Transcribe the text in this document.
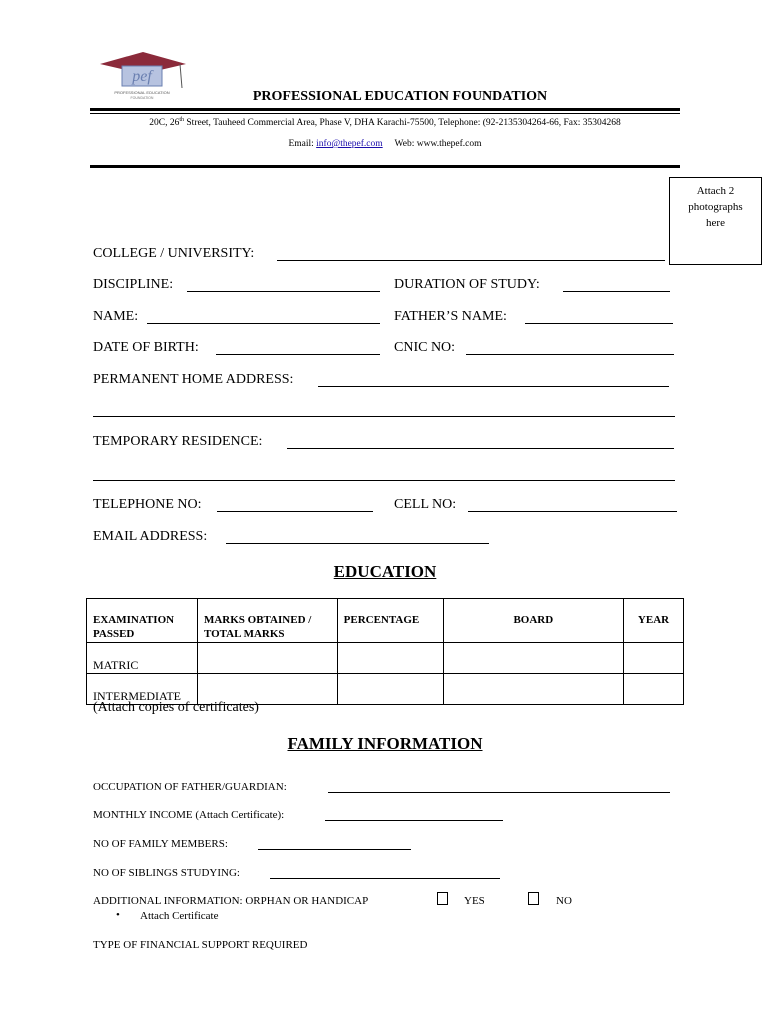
pef
PROFESSIONAL EDUCATION
FOUNDATION	PROFESSIONAL EDUCATION FOUNDATION
20C, 26th Street, Tauheed Commercial Area, Phase V, DHA Karachi-75500, Telephone: (92-2135304264-66, Fax: 35304268
Email: info@thepef.com Web: www.thepef.com
Attach 2
photographs
here
COLLEGE / UNIVERSITY:
DISCIPLINE:	DURATION OF STUDY:
NAME:	FATHER’S NAME:
DATE OF BIRTH:	CNIC NO:
PERMANENT HOME ADDRESS:
TEMPORARY RESIDENCE:
TELEPHONE NO:	CELL NO:
EMAIL ADDRESS:
EDUCATION
EXAMINATION PASSED	MARKS OBTAINED / TOTAL MARKS	PERCENTAGE	BOARD	YEAR
MATRIC				
INTERMEDIATE				
(Attach copies of certificates)
FAMILY INFORMATION
OCCUPATION OF FATHER/GUARDIAN:
MONTHLY INCOME (Attach Certificate):
NO OF FAMILY MEMBERS:
NO OF SIBLINGS STUDYING:
ADDITIONAL INFORMATION: ORPHAN OR HANDICAP	YES	NO
• Attach Certificate
TYPE OF FINANCIAL SUPPORT REQUIRED
